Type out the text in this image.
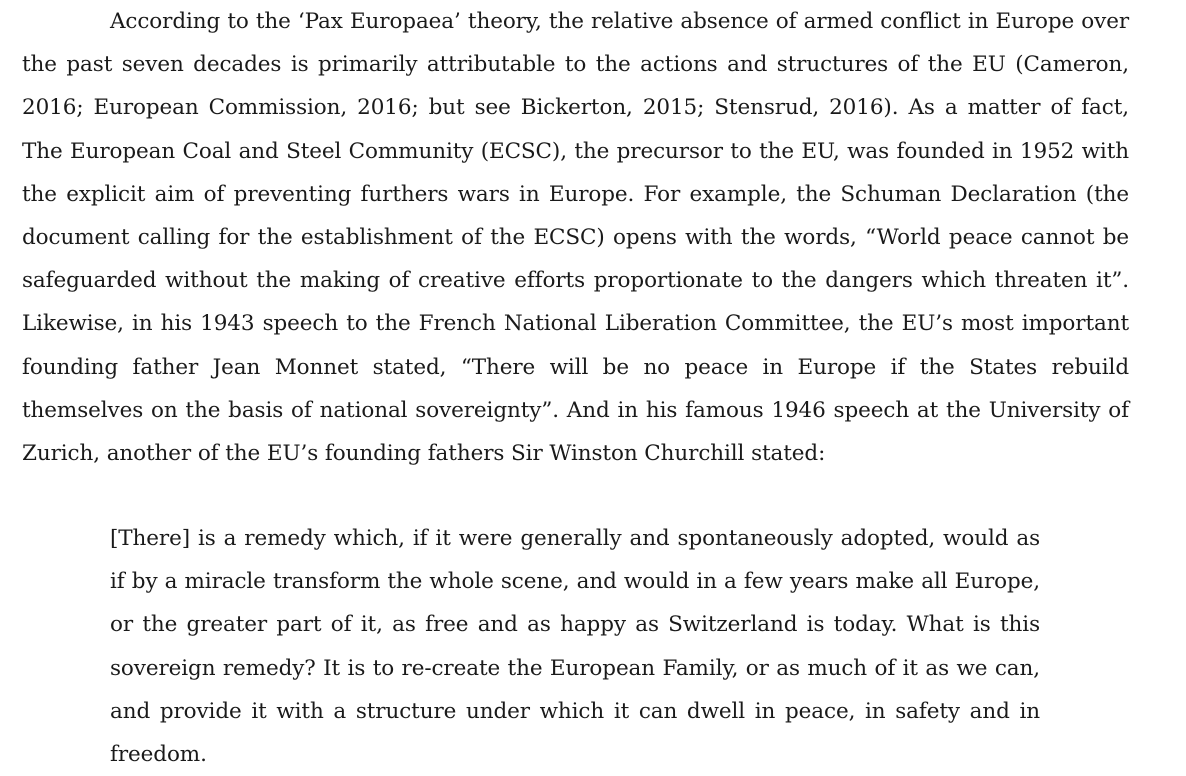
According to the ‘Pax Europaea’ theory, the relative absence of armed conflict in Europe over the past seven decades is primarily attributable to the actions and structures of the EU (Cameron, 2016; European Commission, 2016; but see Bickerton, 2015; Stensrud, 2016). As a matter of fact, The European Coal and Steel Community (ECSC), the precursor to the EU, was founded in 1952 with the explicit aim of preventing furthers wars in Europe. For example, the Schuman Declaration (the document calling for the establishment of the ECSC) opens with the words, “World peace cannot be safeguarded without the making of creative efforts proportionate to the dangers which threaten it”. Likewise, in his 1943 speech to the French National Liberation Committee, the EU’s most important founding father Jean Monnet stated, “There will be no peace in Europe if the States rebuild themselves on the basis of national sovereignty”. And in his famous 1946 speech at the University of Zurich, another of the EU’s founding fathers Sir Winston Churchill stated:

[There] is a remedy which, if it were generally and spontaneously adopted, would as if by a miracle transform the whole scene, and would in a few years make all Europe, or the greater part of it, as free and as happy as Switzerland is today. What is this sovereign remedy? It is to re-create the European Family, or as much of it as we can, and provide it with a structure under which it can dwell in peace, in safety and in freedom.
